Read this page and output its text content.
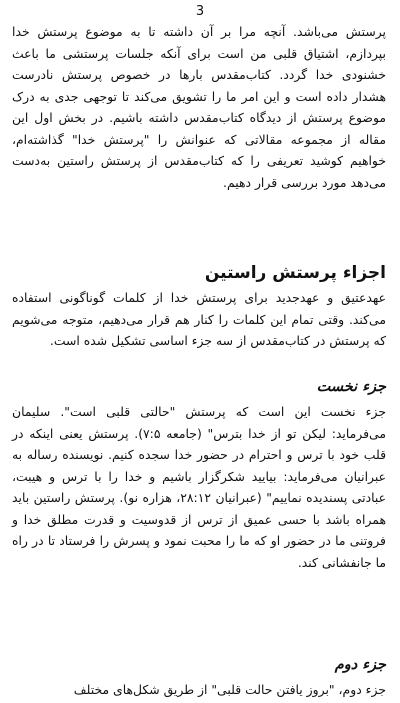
3

پرستش می‌باشد. آنچه مرا بر آن داشته تا به موضوع پرستش خدا بپردازم، اشتیاق قلبی من است برای آنکه جلسات پرستشی ما باعث خشنودی خدا گردد. کتاب‌مقدس بارها در خصوص پرستش نادرست هشدار داده است و این امر ما را تشویق می‌کند تا توجهی جدی به درک موضوع پرستش از دیدگاه کتاب‌مقدس داشته باشیم. در بخش اول این مقاله از مجموعه مقالاتی که عنوانش را "پرستش خدا" گذاشته‌ام، خواهیم کوشید تعریفی را که کتاب‌مقدس از پرستش راستین به‌دست می‌دهد مورد بررسی قرار دهیم.

اجزاء پرستش راستین

عهدعتیق و عهدجدید برای پرستش خدا از کلمات گوناگونی استفاده می‌کند. وقتی تمام این کلمات را کنار هم قرار می‌دهیم، متوجه می‌شویم که پرستش در کتاب‌مقدس از سه جزء اساسی تشکیل شده است.

جزء نخست

جزء نخست این است که پرستش "حالتی قلبی است". سلیمان می‌فرماید: لیکن تو از خدا بترس" (جامعه ۷:۵). پرستش یعنی اینکه در قلب خود با ترس و احترام در حضور خدا سجده کنیم. نویسنده رساله به عبرانیان می‌فرماید: بیایید شکرگزار باشیم و خدا را با ترس و هیبت، عبادتی پسندیده نماییم" (عبرانیان ۲۸:۱۲، هزاره نو). پرستش راستین باید همراه باشد با حسی عمیق از ترس از قدوسیت و قدرت مطلق خدا و فروتنی ما در حضور او که ما را محبت نمود و پسرش را فرستاد تا در راه ما جانفشانی کند.

جزء دوم

جزء دوم، "بروز یافتن حالت قلبی" از طریق شکل‌های مختلف
